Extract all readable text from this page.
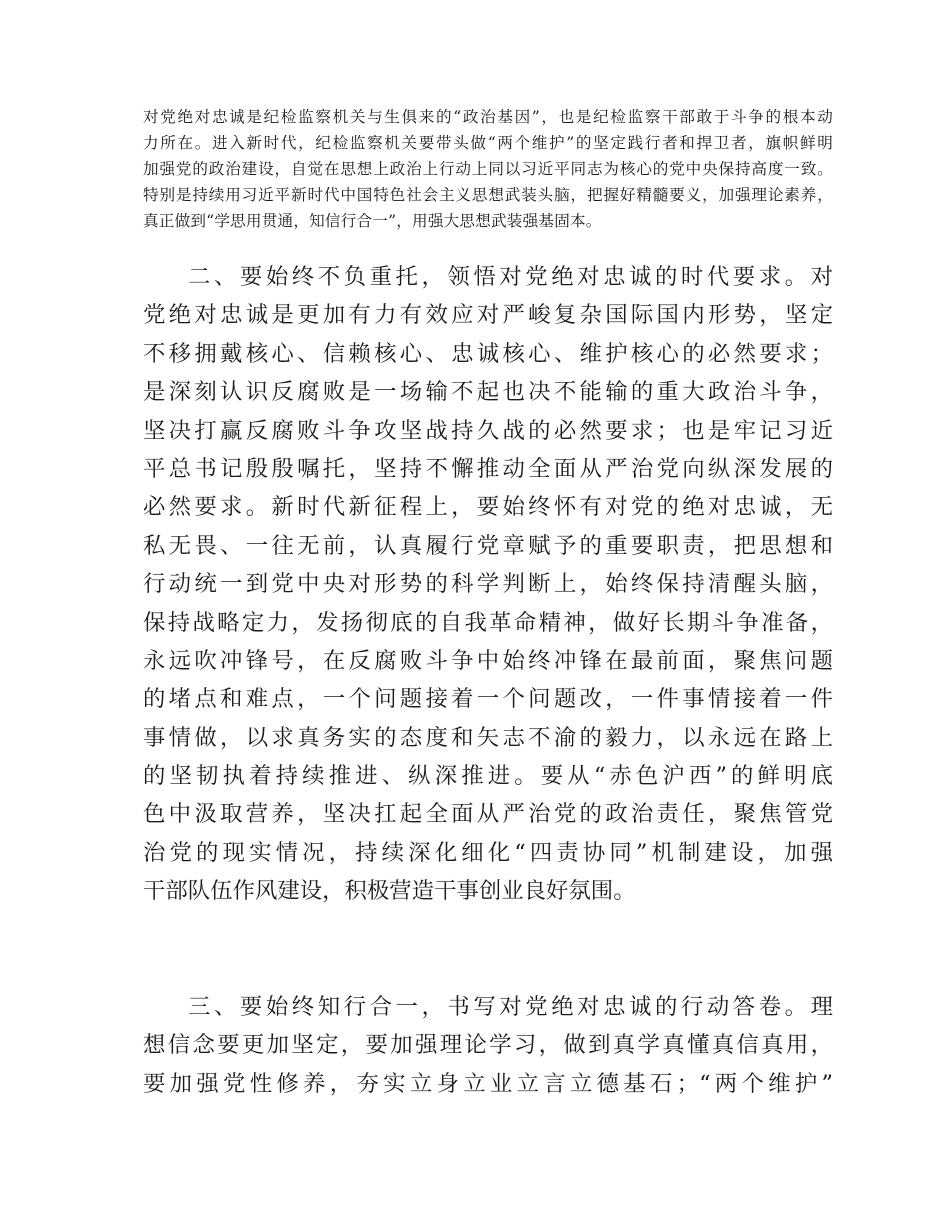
对党绝对忠诚是纪检监察机关与生俱来的“政治基因”，也是纪检监察干部敢于斗争的根本动
力所在。进入新时代，纪检监察机关要带头做“两个维护”的坚定践行者和捍卫者，旗帜鲜明
加强党的政治建设，自觉在思想上政治上行动上同以习近平同志为核心的党中央保持高度一致。
特别是持续用习近平新时代中国特色社会主义思想武装头脑，把握好精髓要义，加强理论素养，
真正做到“学思用贯通，知信行合一”，用强大思想武装强基固本。
二、要始终不负重托，领悟对党绝对忠诚的时代要求。对
党绝对忠诚是更加有力有效应对严峻复杂国际国内形势，坚定
不移拥戴核心、信赖核心、忠诚核心、维护核心的必然要求；
是深刻认识反腐败是一场输不起也决不能输的重大政治斗争，
坚决打赢反腐败斗争攻坚战持久战的必然要求；也是牢记习近
平总书记殷殷嘱托，坚持不懈推动全面从严治党向纵深发展的
必然要求。新时代新征程上，要始终怀有对党的绝对忠诚，无
私无畏、一往无前，认真履行党章赋予的重要职责，把思想和
行动统一到党中央对形势的科学判断上，始终保持清醒头脑，
保持战略定力，发扬彻底的自我革命精神，做好长期斗争准备，
永远吹冲锋号，在反腐败斗争中始终冲锋在最前面，聚焦问题
的堵点和难点，一个问题接着一个问题改，一件事情接着一件
事情做，以求真务实的态度和矢志不渝的毅力，以永远在路上
的坚韧执着持续推进、纵深推进。要从“赤色沪西”的鲜明底
色中汲取营养，坚决扛起全面从严治党的政治责任，聚焦管党
治党的现实情况，持续深化细化“四责协同”机制建设，加强
干部队伍作风建设，积极营造干事创业良好氛围。
三、要始终知行合一，书写对党绝对忠诚的行动答卷。理
想信念要更加坚定，要加强理论学习，做到真学真懂真信真用，
要加强党性修养，夯实立身立业立言立德基石；“两个维护”
